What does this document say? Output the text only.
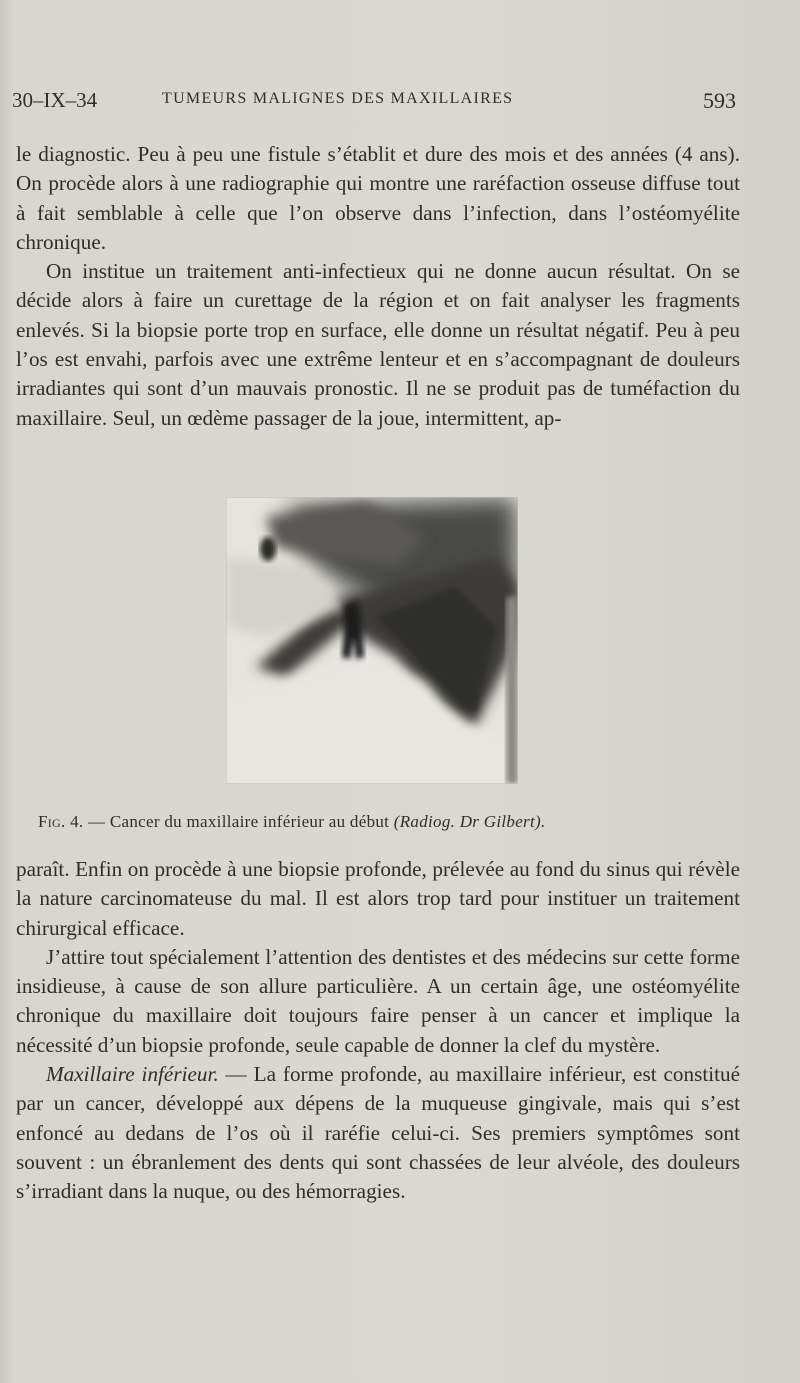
30–IX–34	TUMEURS MALIGNES DES MAXILLAIRES	593

le diagnostic. Peu à peu une fistule s’établit et dure des mois et des années (4 ans). On procède alors à une radiographie qui montre une raréfaction osseuse diffuse tout à fait semblable à celle que l’on observe dans l’infection, dans l’ostéomyélite chronique.

On institue un traitement anti-infectieux qui ne donne aucun résultat. On se décide alors à faire un curettage de la région et on fait analyser les fragments enlevés. Si la biopsie porte trop en surface, elle donne un résultat négatif. Peu à peu l’os est envahi, parfois avec une extrême lenteur et en s’accompagnant de douleurs irradiantes qui sont d’un mauvais pronostic. Il ne se produit pas de tuméfaction du maxillaire. Seul, un œdème passager de la joue, intermittent, ap-

Fig. 4. — Cancer du maxillaire inférieur au début (Radiog. Dr Gilbert).

paraît. Enfin on procède à une biopsie profonde, prélevée au fond du sinus qui révèle la nature carcinomateuse du mal. Il est alors trop tard pour instituer un traitement chirurgical efficace.

J’attire tout spécialement l’attention des dentistes et des médecins sur cette forme insidieuse, à cause de son allure particulière. A un certain âge, une ostéomyélite chronique du maxillaire doit toujours faire penser à un cancer et implique la nécessité d’un biopsie profonde, seule capable de donner la clef du mystère.

Maxillaire inférieur. — La forme profonde, au maxillaire inférieur, est constitué par un cancer, développé aux dépens de la muqueuse gingivale, mais qui s’est enfoncé au dedans de l’os où il raréfie celui-ci. Ses premiers symptômes sont souvent : un ébranlement des dents qui sont chassées de leur alvéole, des douleurs s’irradiant dans la nuque, ou des hémorragies.
